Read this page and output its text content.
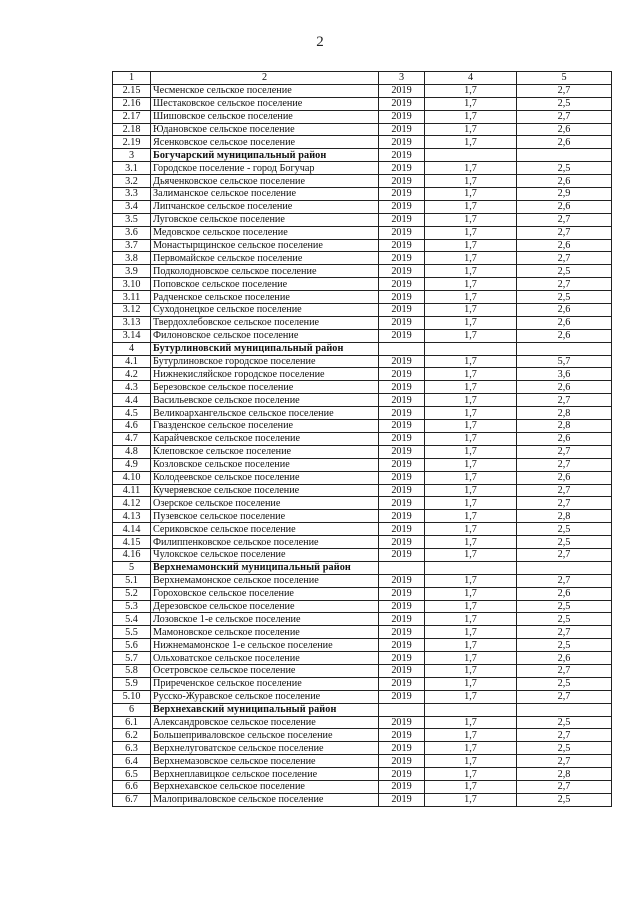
2
1	2	3	4	5
2.15	Чесменское сельское поселение	2019	1,7	2,7
2.16	Шестаковское сельское поселение	2019	1,7	2,5
2.17	Шишовское сельское поселение	2019	1,7	2,7
2.18	Юдановское сельское поселение	2019	1,7	2,6
2.19	Ясенковское сельское поселение	2019	1,7	2,6
3	Богучарский муниципальный район	2019		
3.1	Городское поселение - город Богучар	2019	1,7	2,5
3.2	Дьяченковское сельское поселение	2019	1,7	2,6
3.3	Залиманское сельское поселение	2019	1,7	2,9
3.4	Липчанское сельское поселение	2019	1,7	2,6
3.5	Луговское сельское поселение	2019	1,7	2,7
3.6	Медовское сельское поселение	2019	1,7	2,7
3.7	Монастырщинское сельское поселение	2019	1,7	2,6
3.8	Первомайское сельское поселение	2019	1,7	2,7
3.9	Подколодновское сельское поселение	2019	1,7	2,5
3.10	Поповское сельское поселение	2019	1,7	2,7
3.11	Радченское сельское поселение	2019	1,7	2,5
3.12	Суходонецкое сельское поселение	2019	1,7	2,6
3.13	Твердохлебовское сельское поселение	2019	1,7	2,6
3.14	Филоновское сельское поселение	2019	1,7	2,6
4	Бутурлиновский муниципальный район			
4.1	Бутурлиновское городское поселение	2019	1,7	5,7
4.2	Нижнекисляйское городское поселение	2019	1,7	3,6
4.3	Березовское сельское поселение	2019	1,7	2,6
4.4	Васильевское сельское поселение	2019	1,7	2,7
4.5	Великоархангельское сельское поселение	2019	1,7	2,8
4.6	Гвазденское сельское поселение	2019	1,7	2,8
4.7	Карайчевское сельское поселение	2019	1,7	2,6
4.8	Клеповское сельское поселение	2019	1,7	2,7
4.9	Козловское сельское поселение	2019	1,7	2,7
4.10	Колодеевское сельское поселение	2019	1,7	2,6
4.11	Кучеряевское сельское поселение	2019	1,7	2,7
4.12	Озерское сельское поселение	2019	1,7	2,7
4.13	Пузевское сельское поселение	2019	1,7	2,8
4.14	Сериковское сельское поселение	2019	1,7	2,5
4.15	Филиппенковское сельское поселение	2019	1,7	2,5
4.16	Чулокское сельское поселение	2019	1,7	2,7
5	Верхнемамонский муниципальный район			
5.1	Верхнемамонское сельское поселение	2019	1,7	2,7
5.2	Гороховское сельское поселение	2019	1,7	2,6
5.3	Дерезовское сельское поселение	2019	1,7	2,5
5.4	Лозовское 1-е сельское поселение	2019	1,7	2,5
5.5	Мамоновское сельское поселение	2019	1,7	2,7
5.6	Нижнемамонское 1-е сельское поселение	2019	1,7	2,5
5.7	Ольховатское сельское поселение	2019	1,7	2,6
5.8	Осетровское сельское поселение	2019	1,7	2,7
5.9	Приреченское сельское поселение	2019	1,7	2,5
5.10	Русско-Журавское сельское поселение	2019	1,7	2,7
6	Верхнехавский муниципальный район			
6.1	Александровское сельское поселение	2019	1,7	2,5
6.2	Большеприваловское сельское поселение	2019	1,7	2,7
6.3	Верхнелуговатское сельское поселение	2019	1,7	2,5
6.4	Верхнемазовское сельское поселение	2019	1,7	2,7
6.5	Верхнеплавицкое сельское поселение	2019	1,7	2,8
6.6	Верхнехавское сельское поселение	2019	1,7	2,7
6.7	Малоприваловское сельское поселение	2019	1,7	2,5
